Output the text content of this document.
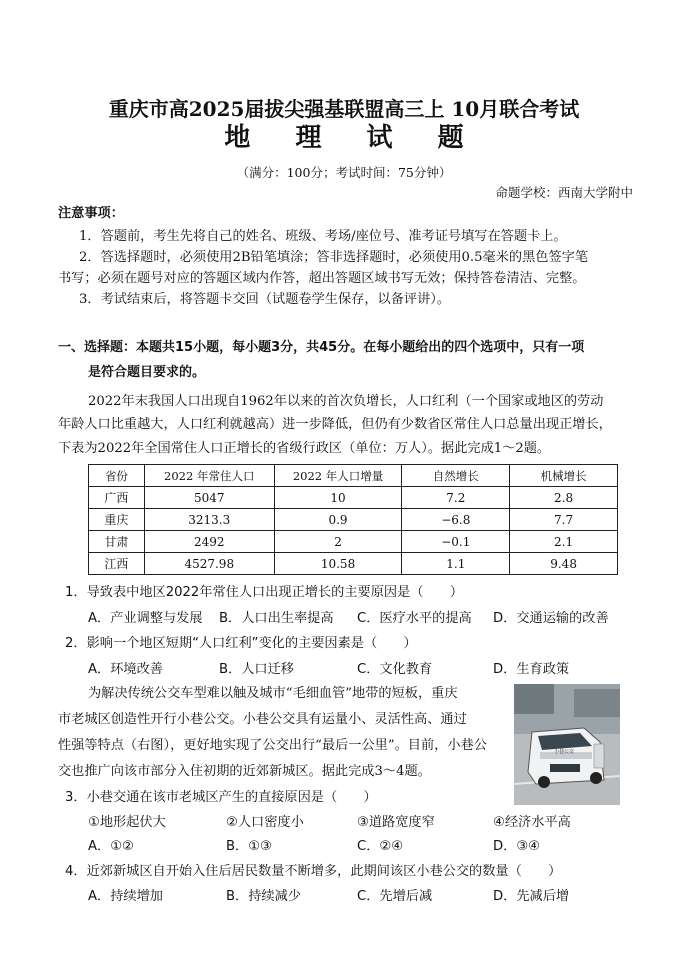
重庆市高2025届拔尖强基联盟高三上 10月联合考试
地 理 试 题
（满分：100分；考试时间：75分钟）
命题学校：西南大学附中
注意事项：
1．答题前，考生先将自己的姓名、班级、考场/座位号、准考证号填写在答题卡上。
2．答选择题时，必须使用2B铅笔填涂；答非选择题时，必须使用0.5毫米的黑色签字笔
书写；必须在题号对应的答题区域内作答，超出答题区域书写无效；保持答卷清洁、完整。
3．考试结束后，将答题卡交回（试题卷学生保存，以备评讲）。
一、选择题：本题共15小题，每小题3分，共45分。在每小题给出的四个选项中，只有一项
是符合题目要求的。
2022年末我国人口出现自1962年以来的首次负增长，人口红利（一个国家或地区的劳动
年龄人口比重越大，人口红利就越高）进一步降低，但仍有少数省区常住人口总量出现正增长，
下表为2022年全国常住人口正增长的省级行政区（单位：万人）。据此完成1～2题。
省份	2022 年常住人口	2022 年人口增量	自然增长	机械增长
广西	5047	10	7.2	2.8
重庆	3213.3	0.9	−6.8	7.7
甘肃	2492	2	−0.1	2.1
江西	4527.98	10.58	1.1	9.48
1．导致表中地区2022年常住人口出现正增长的主要原因是（　　）
A．产业调整与发展 B．人口出生率提高 C．医疗水平的提高 D．交通运输的改善
2．影响一个地区短期“人口红利”变化的主要因素是（　　）
A．环境改善	B．人口迁移	C．文化教育	D．生育政策
为解决传统公交车型难以触及城市“毛细血管”地带的短板，重庆
市老城区创造性开行小巷公交。小巷公交具有运量小、灵活性高、通过
性强等特点（右图），更好地实现了公交出行“最后一公里”。目前，小巷公
交也推广向该市部分入住初期的近郊新城区。据此完成3～4题。
小巷公交
3．小巷交通在该市老城区产生的直接原因是（　　）
①地形起伏大	②人口密度小	③道路宽度窄	④经济水平高
A．①②	B．①③	C．②④	D．③④
4．近郊新城区自开始入住后居民数量不断增多，此期间该区小巷公交的数量（　　）
A．持续增加	B．持续减少	C．先增后减	D．先减后增
